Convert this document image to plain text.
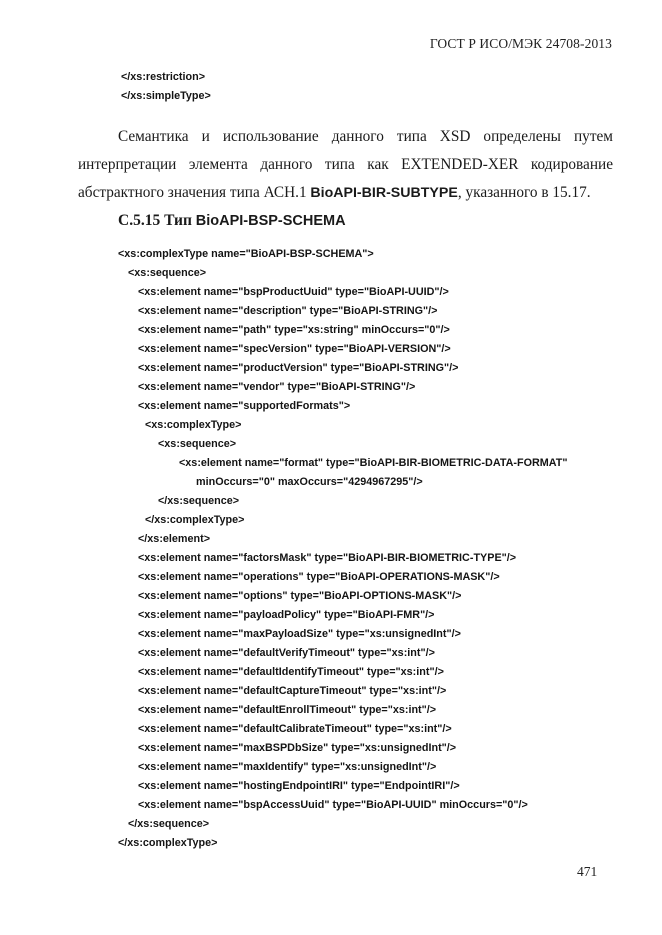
ГОСТ Р ИСО/МЭК 24708-2013
</xs:restriction>
</xs:simpleType>
Семантика и использование данного типа XSD определены путем
интерпретации элемента данного типа как EXTENDED-XER кодирование
абстрактного значения типа АСН.1 BioAPI-BIR-SUBTYPE, указанного в 15.17.
C.5.15 Тип BioAPI-BSP-SCHEMA
<xs:complexType name="BioAPI-BSP-SCHEMA">
<xs:sequence>
<xs:element name="bspProductUuid" type="BioAPI-UUID"/>
<xs:element name="description" type="BioAPI-STRING"/>
<xs:element name="path" type="xs:string" minOccurs="0"/>
<xs:element name="specVersion" type="BioAPI-VERSION"/>
<xs:element name="productVersion" type="BioAPI-STRING"/>
<xs:element name="vendor" type="BioAPI-STRING"/>
<xs:element name="supportedFormats">
<xs:complexType>
<xs:sequence>
<xs:element name="format" type="BioAPI-BIR-BIOMETRIC-DATA-FORMAT"
minOccurs="0" maxOccurs="4294967295"/>
</xs:sequence>
</xs:complexType>
</xs:element>
<xs:element name="factorsMask" type="BioAPI-BIR-BIOMETRIC-TYPE"/>
<xs:element name="operations" type="BioAPI-OPERATIONS-MASK"/>
<xs:element name="options" type="BioAPI-OPTIONS-MASK"/>
<xs:element name="payloadPolicy" type="BioAPI-FMR"/>
<xs:element name="maxPayloadSize" type="xs:unsignedInt"/>
<xs:element name="defaultVerifyTimeout" type="xs:int"/>
<xs:element name="defaultIdentifyTimeout" type="xs:int"/>
<xs:element name="defaultCaptureTimeout" type="xs:int"/>
<xs:element name="defaultEnrollTimeout" type="xs:int"/>
<xs:element name="defaultCalibrateTimeout" type="xs:int"/>
<xs:element name="maxBSPDbSize" type="xs:unsignedInt"/>
<xs:element name="maxIdentify" type="xs:unsignedInt"/>
<xs:element name="hostingEndpointIRI" type="EndpointIRI"/>
<xs:element name="bspAccessUuid" type="BioAPI-UUID" minOccurs="0"/>
</xs:sequence>
</xs:complexType>
471
